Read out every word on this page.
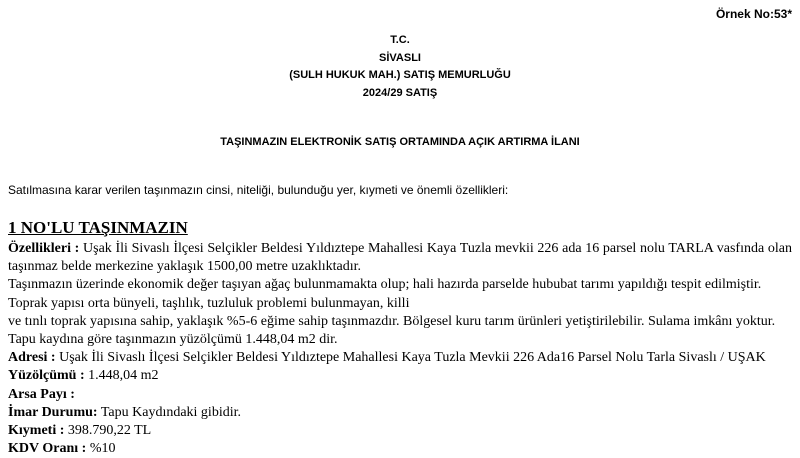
Örnek No:53*
T.C.
SİVASLI
(SULH HUKUK MAH.) SATIŞ MEMURLUĞU
2024/29 SATIŞ
TAŞINMAZIN ELEKTRONİK SATIŞ ORTAMINDA AÇIK ARTIRMA İLANI
Satılmasına karar verilen taşınmazın cinsi, niteliği, bulunduğu yer, kıymeti ve önemli özellikleri:
1 NO'LU TAŞINMAZIN

Özellikleri : Uşak İli Sivaslı İlçesi Selçikler Beldesi Yıldıztepe Mahallesi Kaya Tuzla mevkii 226 ada 16 parsel nolu TARLA vasfında olan taşınmaz belde merkezine yaklaşık 1500,00 metre uzaklıktadır.

Taşınmazın üzerinde ekonomik değer taşıyan ağaç bulunmamakta olup; hali hazırda parselde hububat tarımı yapıldığı tespit edilmiştir.

Toprak yapısı orta bünyeli, taşlılık, tuzluluk problemi bulunmayan, killi

ve tınlı toprak yapısına sahip, yaklaşık %5-6 eğime sahip taşınmazdır. Bölgesel kuru tarım ürünleri yetiştirilebilir. Sulama imkânı yoktur.

Tapu kaydına göre taşınmazın yüzölçümü 1.448,04 m2 dir.

Adresi : Uşak İli Sivaslı İlçesi Selçikler Beldesi Yıldıztepe Mahallesi Kaya Tuzla Mevkii 226 Ada16 Parsel Nolu Tarla Sivaslı / UŞAK

Yüzölçümü : 1.448,04 m2

Arsa Payı :

İmar Durumu: Tapu Kaydındaki gibidir.

Kıymeti : 398.790,22 TL

KDV Oranı : %10
